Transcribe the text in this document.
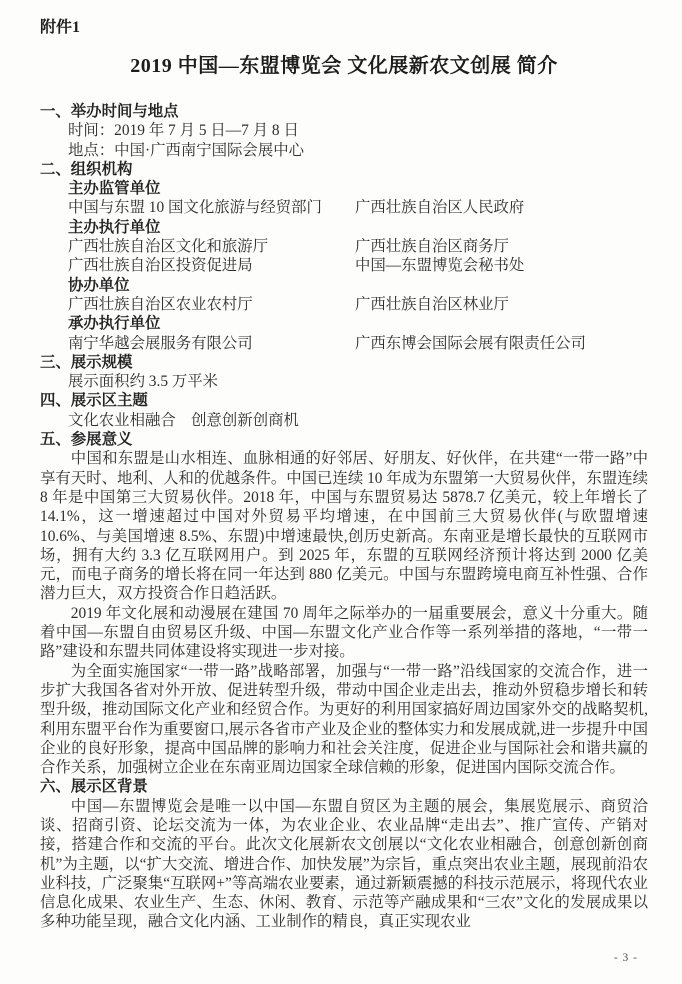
附件1
2019 中国—东盟博览会 文化展新农文创展 简介
一、举办时间与地点
时间：2019 年 7 月 5 日—7 月 8 日
地点：中国·广西南宁国际会展中心
二、组织机构
主办监管单位
中国与东盟 10 国文化旅游与经贸部门	广西壮族自治区人民政府
主办执行单位
广西壮族自治区文化和旅游厅	广西壮族自治区商务厅
广西壮族自治区投资促进局	中国—东盟博览会秘书处
协办单位
广西壮族自治区农业农村厅	广西壮族自治区林业厅
承办执行单位
南宁华越会展服务有限公司	广西东博会国际会展有限责任公司
三、展示规模
展示面积约 3.5 万平米
四、展示区主题
文化农业相融合　创意创新创商机
五、参展意义
中国和东盟是山水相连、血脉相通的好邻居、好朋友、好伙伴，在共建“一带一路”中享有天时、地利、人和的优越条件。中国已连续 10 年成为东盟第一大贸易伙伴，东盟连续 8 年是中国第三大贸易伙伴。2018 年，中国与东盟贸易达 5878.7 亿美元，较上年增长了 14.1%，这一增速超过中国对外贸易平均增速，在中国前三大贸易伙伴(与欧盟增速 10.6%、与美国增速 8.5%、东盟)中增速最快,创历史新高。东南亚是增长最快的互联网市场，拥有大约 3.3 亿互联网用户。到 2025 年，东盟的互联网经济预计将达到 2000 亿美元，而电子商务的增长将在同一年达到 880 亿美元。中国与东盟跨境电商互补性强、合作潜力巨大，双方投资合作日趋活跃。
2019 年文化展和动漫展在建国 70 周年之际举办的一届重要展会，意义十分重大。随着中国—东盟自由贸易区升级、中国—东盟文化产业合作等一系列举措的落地，“一带一路”建设和东盟共同体建设将实现进一步对接。
为全面实施国家“一带一路”战略部署，加强与“一带一路”沿线国家的交流合作，进一步扩大我国各省对外开放、促进转型升级，带动中国企业走出去，推动外贸稳步增长和转型升级，推动国际文化产业和经贸合作。为更好的利用国家搞好周边国家外交的战略契机,利用东盟平台作为重要窗口,展示各省市产业及企业的整体实力和发展成就,进一步提升中国企业的良好形象，提高中国品牌的影响力和社会关注度，促进企业与国际社会和谐共赢的合作关系，加强树立企业在东南亚周边国家全球信赖的形象，促进国内国际交流合作。
六、展示区背景
中国—东盟博览会是唯一以中国—东盟自贸区为主题的展会，集展览展示、商贸洽谈、招商引资、论坛交流为一体，为农业企业、农业品牌“走出去”、推广宣传、产销对接，搭建合作和交流的平台。此次文化展新农文创展以“文化农业相融合，创意创新创商机”为主题，以“扩大交流、增进合作、加快发展”为宗旨，重点突出农业主题，展现前沿农业科技，广泛聚集“互联网+”等高端农业要素，通过新颖震撼的科技示范展示，将现代农业信息化成果、农业生产、生态、休闲、教育、示范等产融成果和“三农”文化的发展成果以多种功能呈现，融合文化内涵、工业制作的精良，真正实现农业
- 3 -
